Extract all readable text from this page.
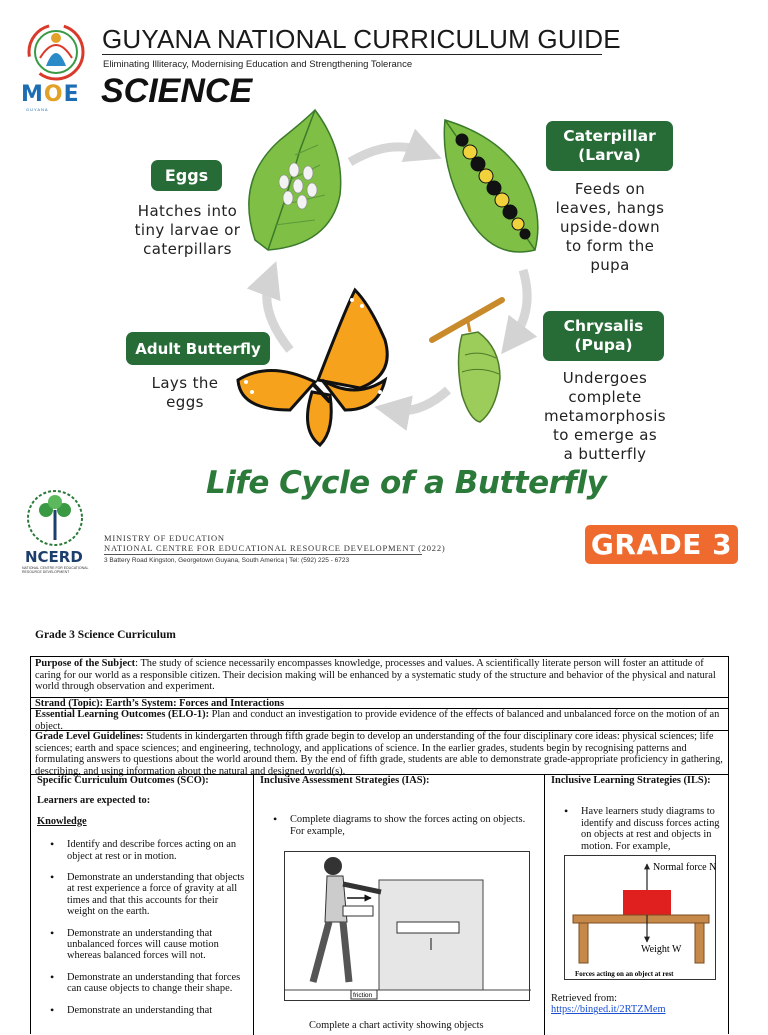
MOE
GUYANA
GUYANA NATIONAL CURRICULUM GUIDE
Eliminating Illiteracy, Modernising Education and Strengthening Tolerance
SCIENCE
Eggs
Hatches into
tiny larvae or
caterpillars
Caterpillar
(Larva)
Feeds on
leaves, hangs
upside-down
to form the
pupa
Chrysalis
(Pupa)
Undergoes
complete
metamorphosis
to emerge as
a butterfly
Adult Butterfly
Lays the
eggs
Life Cycle of a Butterfly
NCERD
NATIONAL CENTRE FOR EDUCATIONAL RESOURCE DEVELOPMENT
MINISTRY OF EDUCATION
NATIONAL CENTRE FOR EDUCATIONAL RESOURCE DEVELOPMENT (2022)
3 Battery Road Kingston, Georgetown Guyana, South America | Tel: (592) 225 - 6723	GRADE 3
Grade 3 Science Curriculum
Purpose of the Subject: The study of science necessarily encompasses knowledge, processes and values. A scientifically literate person will foster an attitude of caring for our world as a responsible citizen. Their decision making will be enhanced by a systematic study of the structure and behavior of the physical and natural world through observation and experiment.
Strand (Topic): Earth’s System: Forces and Interactions
Essential Learning Outcomes (ELO-1): Plan and conduct an investigation to provide evidence of the effects of balanced and unbalanced force on the motion of an object.
Grade Level Guidelines: Students in kindergarten through fifth grade begin to develop an understanding of the four disciplinary core ideas: physical sciences; life sciences; earth and space sciences; and engineering, technology, and applications of science. In the earlier grades, students begin by recognising patterns and formulating answers to questions about the world around them. By the end of fifth grade, students are able to demonstrate grade-appropriate proficiency in gathering, describing, and using information about the natural and designed world(s).
Specific Curriculum Outcomes (SCO):
Learners are expected to:
Knowledge
• Identify and describe forces acting on an object at rest or in motion.
• Demonstrate an understanding that objects at rest experience a force of gravity at all times and that this accounts for their weight on the earth.
• Demonstrate an understanding that unbalanced forces will cause motion whereas balanced forces will not.
• Demonstrate an understanding that forces can cause objects to change their shape.
• Demonstrate an understanding that
Inclusive Assessment Strategies (IAS):
• Complete diagrams to show the forces acting on objects. For example,
friction
Complete a chart activity showing objects
Inclusive Learning Strategies (ILS):
• Have learners study diagrams to identify and discuss forces acting on objects at rest and objects in motion. For example,
Normal force N
Weight W
Forces acting on an object at rest
Retrieved from: https://binged.it/2RTZMem
